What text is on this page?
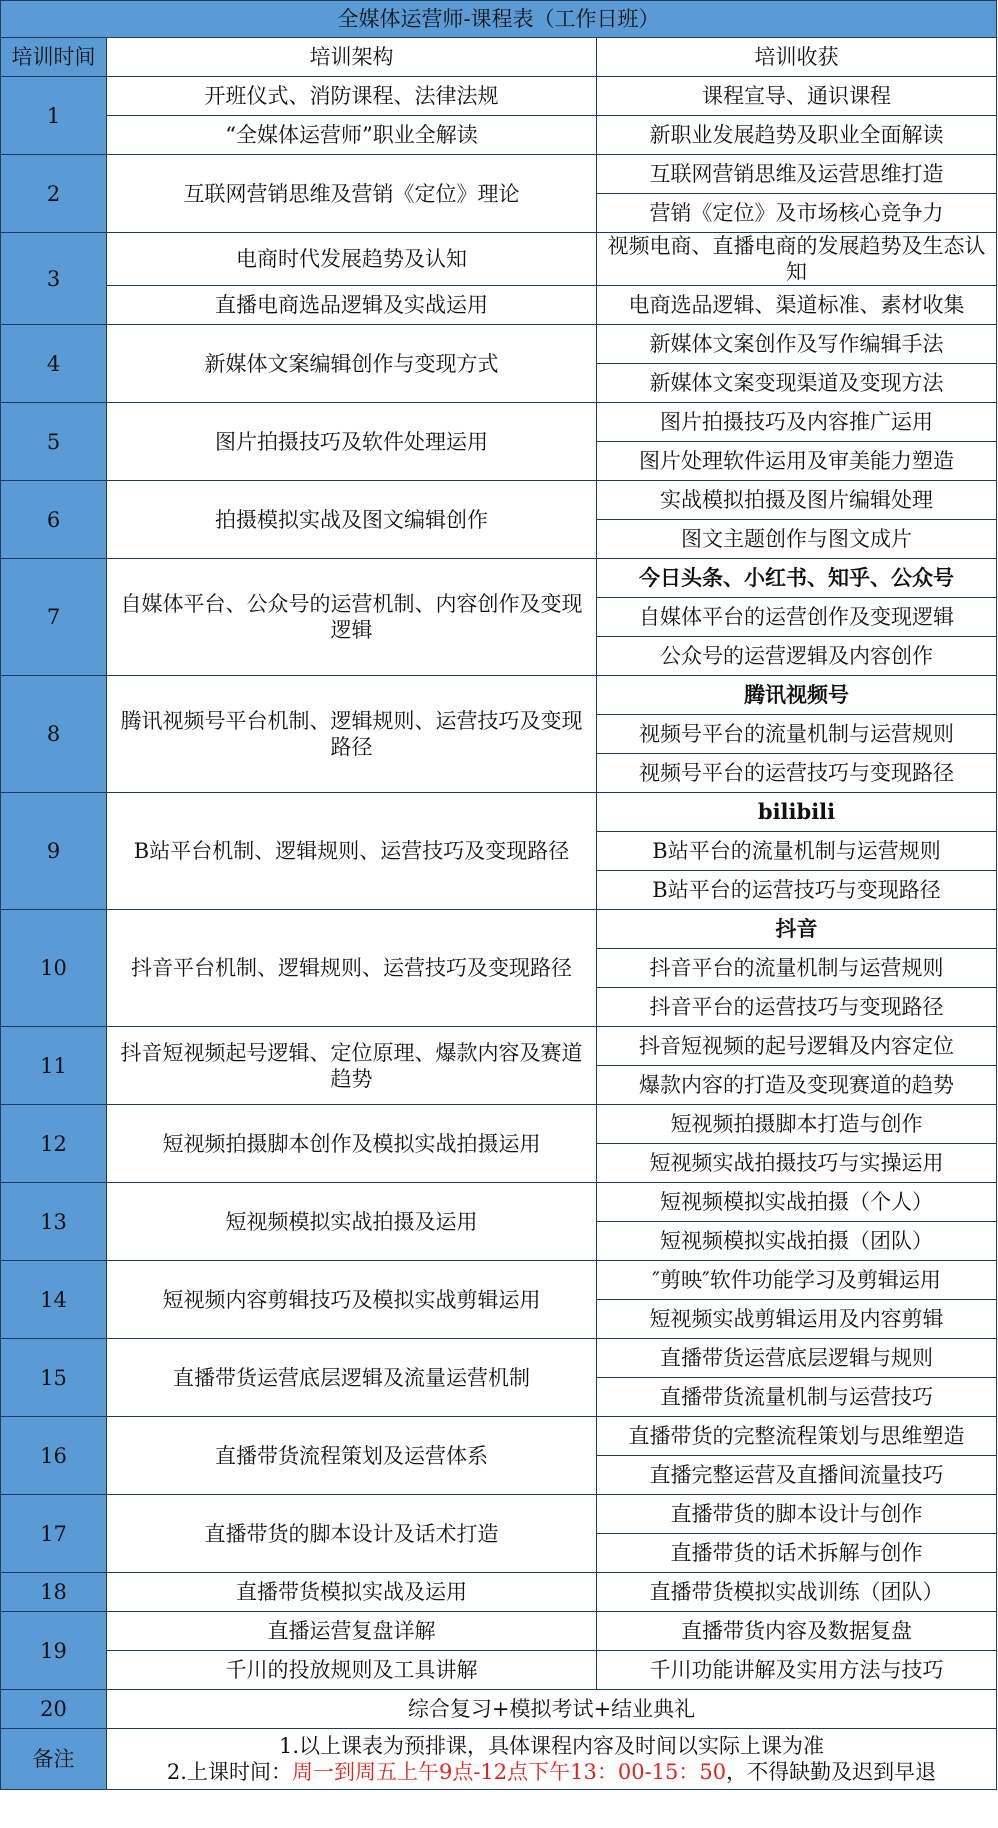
全媒体运营师-课程表（工作日班）		
培训时间	培训架构	培训收获
1	开班仪式、消防课程、法律法规	课程宣导、通识课程
	“全媒体运营师”职业全解读	新职业发展趋势及职业全面解读
2	互联网营销思维及营销《定位》理论	互联网营销思维及运营思维打造
		营销《定位》及市场核心竞争力
3	电商时代发展趋势及认知	视频电商、直播电商的发展趋势及生态认知
	直播电商选品逻辑及实战运用	电商选品逻辑、渠道标准、素材收集
4	新媒体文案编辑创作与变现方式	新媒体文案创作及写作编辑手法
		新媒体文案变现渠道及变现方法
5	图片拍摄技巧及软件处理运用	图片拍摄技巧及内容推广运用
		图片处理软件运用及审美能力塑造
6	拍摄模拟实战及图文编辑创作	实战模拟拍摄及图片编辑处理
		图文主题创作与图文成片
7	自媒体平台、公众号的运营机制、内容创作及变现逻辑	今日头条、小红书、知乎、公众号
		自媒体平台的运营创作及变现逻辑
		公众号的运营逻辑及内容创作
8	腾讯视频号平台机制、逻辑规则、运营技巧及变现路径	腾讯视频号
		视频号平台的流量机制与运营规则
		视频号平台的运营技巧与变现路径
9	B站平台机制、逻辑规则、运营技巧及变现路径	bilibili
		B站平台的流量机制与运营规则
		B站平台的运营技巧与变现路径
10	抖音平台机制、逻辑规则、运营技巧及变现路径	抖音
		抖音平台的流量机制与运营规则
		抖音平台的运营技巧与变现路径
11	抖音短视频起号逻辑、定位原理、爆款内容及赛道趋势	抖音短视频的起号逻辑及内容定位
		爆款内容的打造及变现赛道的趋势
12	短视频拍摄脚本创作及模拟实战拍摄运用	短视频拍摄脚本打造与创作
		短视频实战拍摄技巧与实操运用
13	短视频模拟实战拍摄及运用	短视频模拟实战拍摄（个人）
		短视频模拟实战拍摄（团队）
14	短视频内容剪辑技巧及模拟实战剪辑运用	″剪映″软件功能学习及剪辑运用
		短视频实战剪辑运用及内容剪辑
15	直播带货运营底层逻辑及流量运营机制	直播带货运营底层逻辑与规则
		直播带货流量机制与运营技巧
16	直播带货流程策划及运营体系	直播带货的完整流程策划与思维塑造
		直播完整运营及直播间流量技巧
17	直播带货的脚本设计及话术打造	直播带货的脚本设计与创作
		直播带货的话术拆解与创作
18	直播带货模拟实战及运用	直播带货模拟实战训练（团队）
19	直播运营复盘详解	直播带货内容及数据复盘
	千川的投放规则及工具讲解	千川功能讲解及实用方法与技巧
20	综合复习+模拟考试+结业典礼	
备注	1.以上课表为预排课，具体课程内容及时间以实际上课为准
2.上课时间：周一到周五上午9点-12点下午13：00-15：50，不得缺勤及迟到早退	
